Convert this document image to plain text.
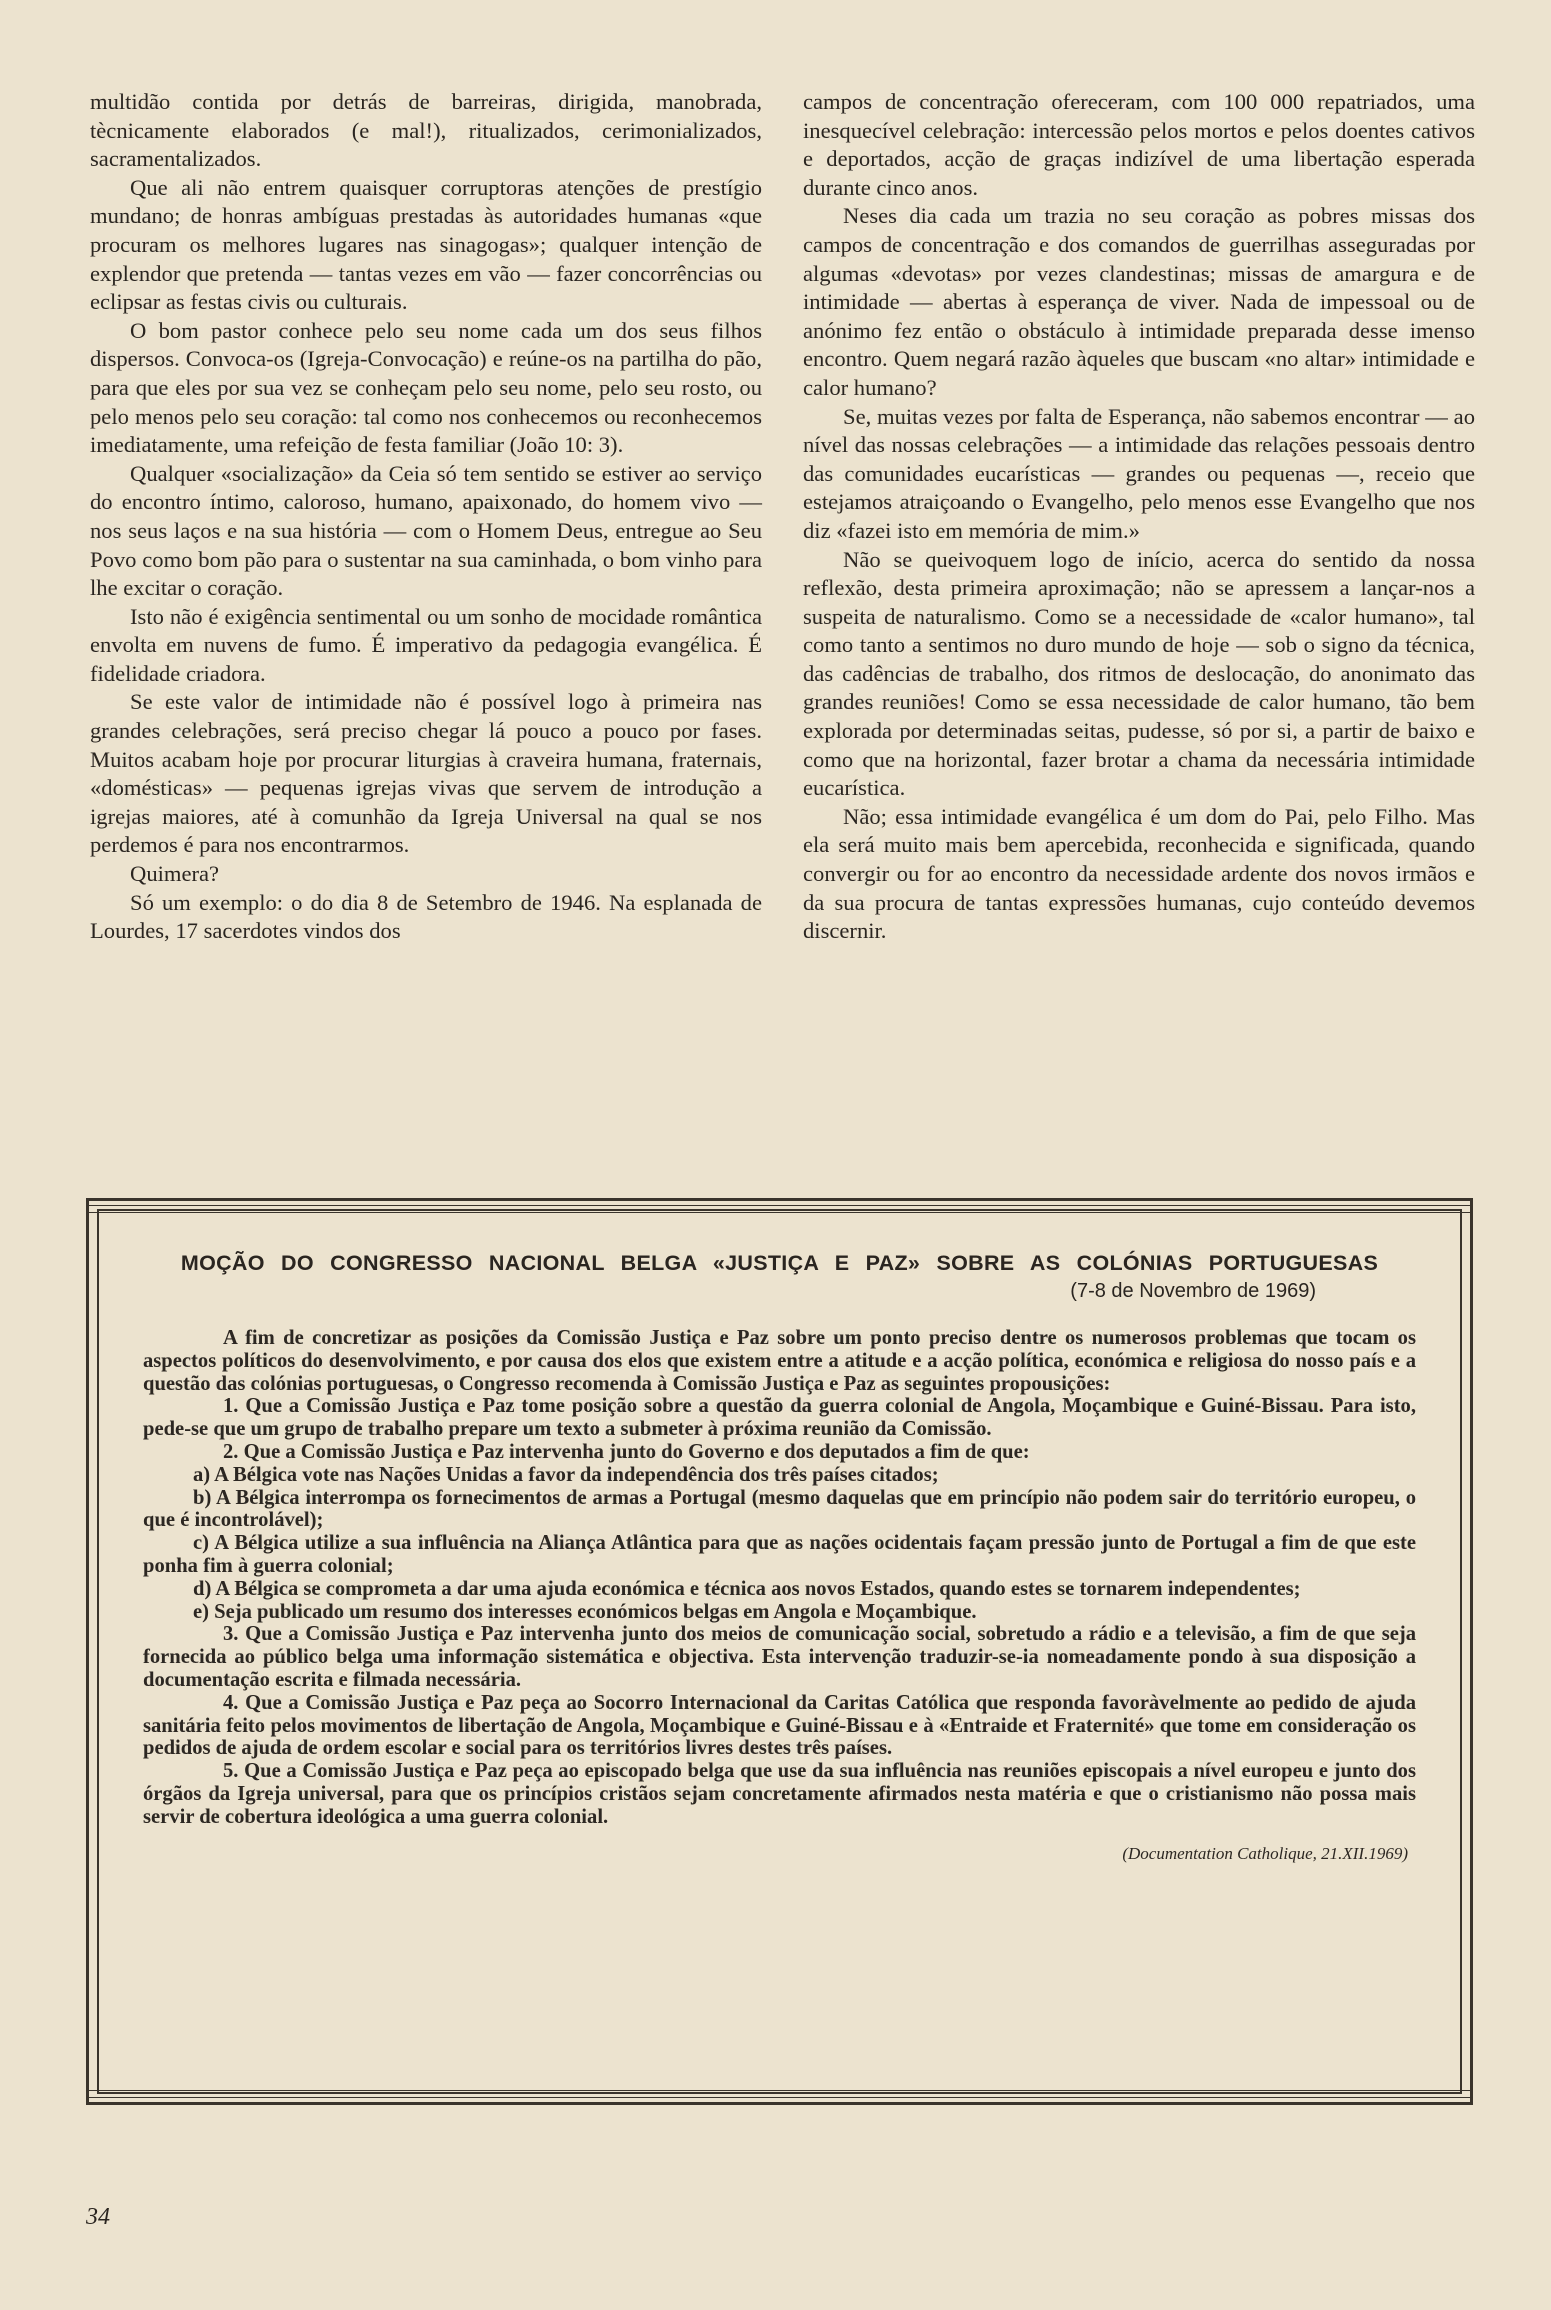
multidão contida por detrás de barreiras, dirigida, manobrada, tècnicamente elaborados (e mal!), ritualizados, cerimonializados, sacramentalizados.

Que ali não entrem quaisquer corruptoras atenções de prestígio mundano; de honras ambíguas prestadas às autoridades humanas «que procuram os melhores lugares nas sinagogas»; qualquer intenção de explendor que pretenda — tantas vezes em vão — fazer concorrências ou eclipsar as festas civis ou culturais.

O bom pastor conhece pelo seu nome cada um dos seus filhos dispersos. Convoca-os (Igreja-Convocação) e reúne-os na partilha do pão, para que eles por sua vez se conheçam pelo seu nome, pelo seu rosto, ou pelo menos pelo seu coração: tal como nos conhecemos ou reconhecemos imediatamente, uma refeição de festa familiar (João 10: 3).

Qualquer «socialização» da Ceia só tem sentido se estiver ao serviço do encontro íntimo, caloroso, humano, apaixonado, do homem vivo — nos seus laços e na sua história — com o Homem Deus, entregue ao Seu Povo como bom pão para o sustentar na sua caminhada, o bom vinho para lhe excitar o coração.

Isto não é exigência sentimental ou um sonho de mocidade romântica envolta em nuvens de fumo. É imperativo da pedagogia evangélica. É fidelidade criadora.

Se este valor de intimidade não é possível logo à primeira nas grandes celebrações, será preciso chegar lá pouco a pouco por fases. Muitos acabam hoje por procurar liturgias à craveira humana, fraternais, «domésticas» — pequenas igrejas vivas que servem de introdução a igrejas maiores, até à comunhão da Igreja Universal na qual se nos perdemos é para nos encontrarmos.

Quimera?

Só um exemplo: o do dia 8 de Setembro de 1946. Na esplanada de Lourdes, 17 sacerdotes vindos dos

campos de concentração ofereceram, com 100 000 repatriados, uma inesquecível celebração: intercessão pelos mortos e pelos doentes cativos e deportados, acção de graças indizível de uma libertação esperada durante cinco anos.

Neses dia cada um trazia no seu coração as pobres missas dos campos de concentração e dos comandos de guerrilhas asseguradas por algumas «devotas» por vezes clandestinas; missas de amargura e de intimidade — abertas à esperança de viver. Nada de impessoal ou de anónimo fez então o obstáculo à intimidade preparada desse imenso encontro. Quem negará razão àqueles que buscam «no altar» intimidade e calor humano?

Se, muitas vezes por falta de Esperança, não sabemos encontrar — ao nível das nossas celebrações — a intimidade das relações pessoais dentro das comunidades eucarísticas — grandes ou pequenas —, receio que estejamos atraiçoando o Evangelho, pelo menos esse Evangelho que nos diz «fazei isto em memória de mim.»

Não se queivoquem logo de início, acerca do sentido da nossa reflexão, desta primeira aproximação; não se apressem a lançar-nos a suspeita de naturalismo. Como se a necessidade de «calor humano», tal como tanto a sentimos no duro mundo de hoje — sob o signo da técnica, das cadências de trabalho, dos ritmos de deslocação, do anonimato das grandes reuniões! Como se essa necessidade de calor humano, tão bem explorada por determinadas seitas, pudesse, só por si, a partir de baixo e como que na horizontal, fazer brotar a chama da necessária intimidade eucarística.

Não; essa intimidade evangélica é um dom do Pai, pelo Filho. Mas ela será muito mais bem apercebida, reconhecida e significada, quando convergir ou for ao encontro da necessidade ardente dos novos irmãos e da sua procura de tantas expressões humanas, cujo conteúdo devemos discernir.

MOÇÃO DO CONGRESSO NACIONAL BELGA «JUSTIÇA E PAZ» SOBRE AS COLÓNIAS PORTUGUESAS
(7-8 de Novembro de 1969)

A fim de concretizar as posições da Comissão Justiça e Paz sobre um ponto preciso dentre os numerosos problemas que tocam os aspectos políticos do desenvolvimento, e por causa dos elos que existem entre a atitude e a acção política, económica e religiosa do nosso país e a questão das colónias portuguesas, o Congresso recomenda à Comissão Justiça e Paz as seguintes propousições:

1. Que a Comissão Justiça e Paz tome posição sobre a questão da guerra colonial de Angola, Moçambique e Guiné-Bissau. Para isto, pede-se que um grupo de trabalho prepare um texto a submeter à próxima reunião da Comissão.

2. Que a Comissão Justiça e Paz intervenha junto do Governo e dos deputados a fim de que:

a) A Bélgica vote nas Nações Unidas a favor da independência dos três países citados;

b) A Bélgica interrompa os fornecimentos de armas a Portugal (mesmo daquelas que em princípio não podem sair do território europeu, o que é incontrolável);

c) A Bélgica utilize a sua influência na Aliança Atlântica para que as nações ocidentais façam pressão junto de Portugal a fim de que este ponha fim à guerra colonial;

d) A Bélgica se comprometa a dar uma ajuda económica e técnica aos novos Estados, quando estes se tornarem independentes;

e) Seja publicado um resumo dos interesses económicos belgas em Angola e Moçambique.

3. Que a Comissão Justiça e Paz intervenha junto dos meios de comunicação social, sobretudo a rádio e a televisão, a fim de que seja fornecida ao público belga uma informação sistemática e objectiva. Esta intervenção traduzir-se-ia nomeadamente pondo à sua disposição a documentação escrita e filmada necessária.

4. Que a Comissão Justiça e Paz peça ao Socorro Internacional da Caritas Católica que responda favoràvelmente ao pedido de ajuda sanitária feito pelos movimentos de libertação de Angola, Moçambique e Guiné-Bissau e à «Entraide et Fraternité» que tome em consideração os pedidos de ajuda de ordem escolar e social para os territórios livres destes três países.

5. Que a Comissão Justiça e Paz peça ao episcopado belga que use da sua influência nas reuniões episcopais a nível europeu e junto dos órgãos da Igreja universal, para que os princípios cristãos sejam concretamente afirmados nesta matéria e que o cristianismo não possa mais servir de cobertura ideológica a uma guerra colonial.

(Documentation Catholique, 21.XII.1969)
34
